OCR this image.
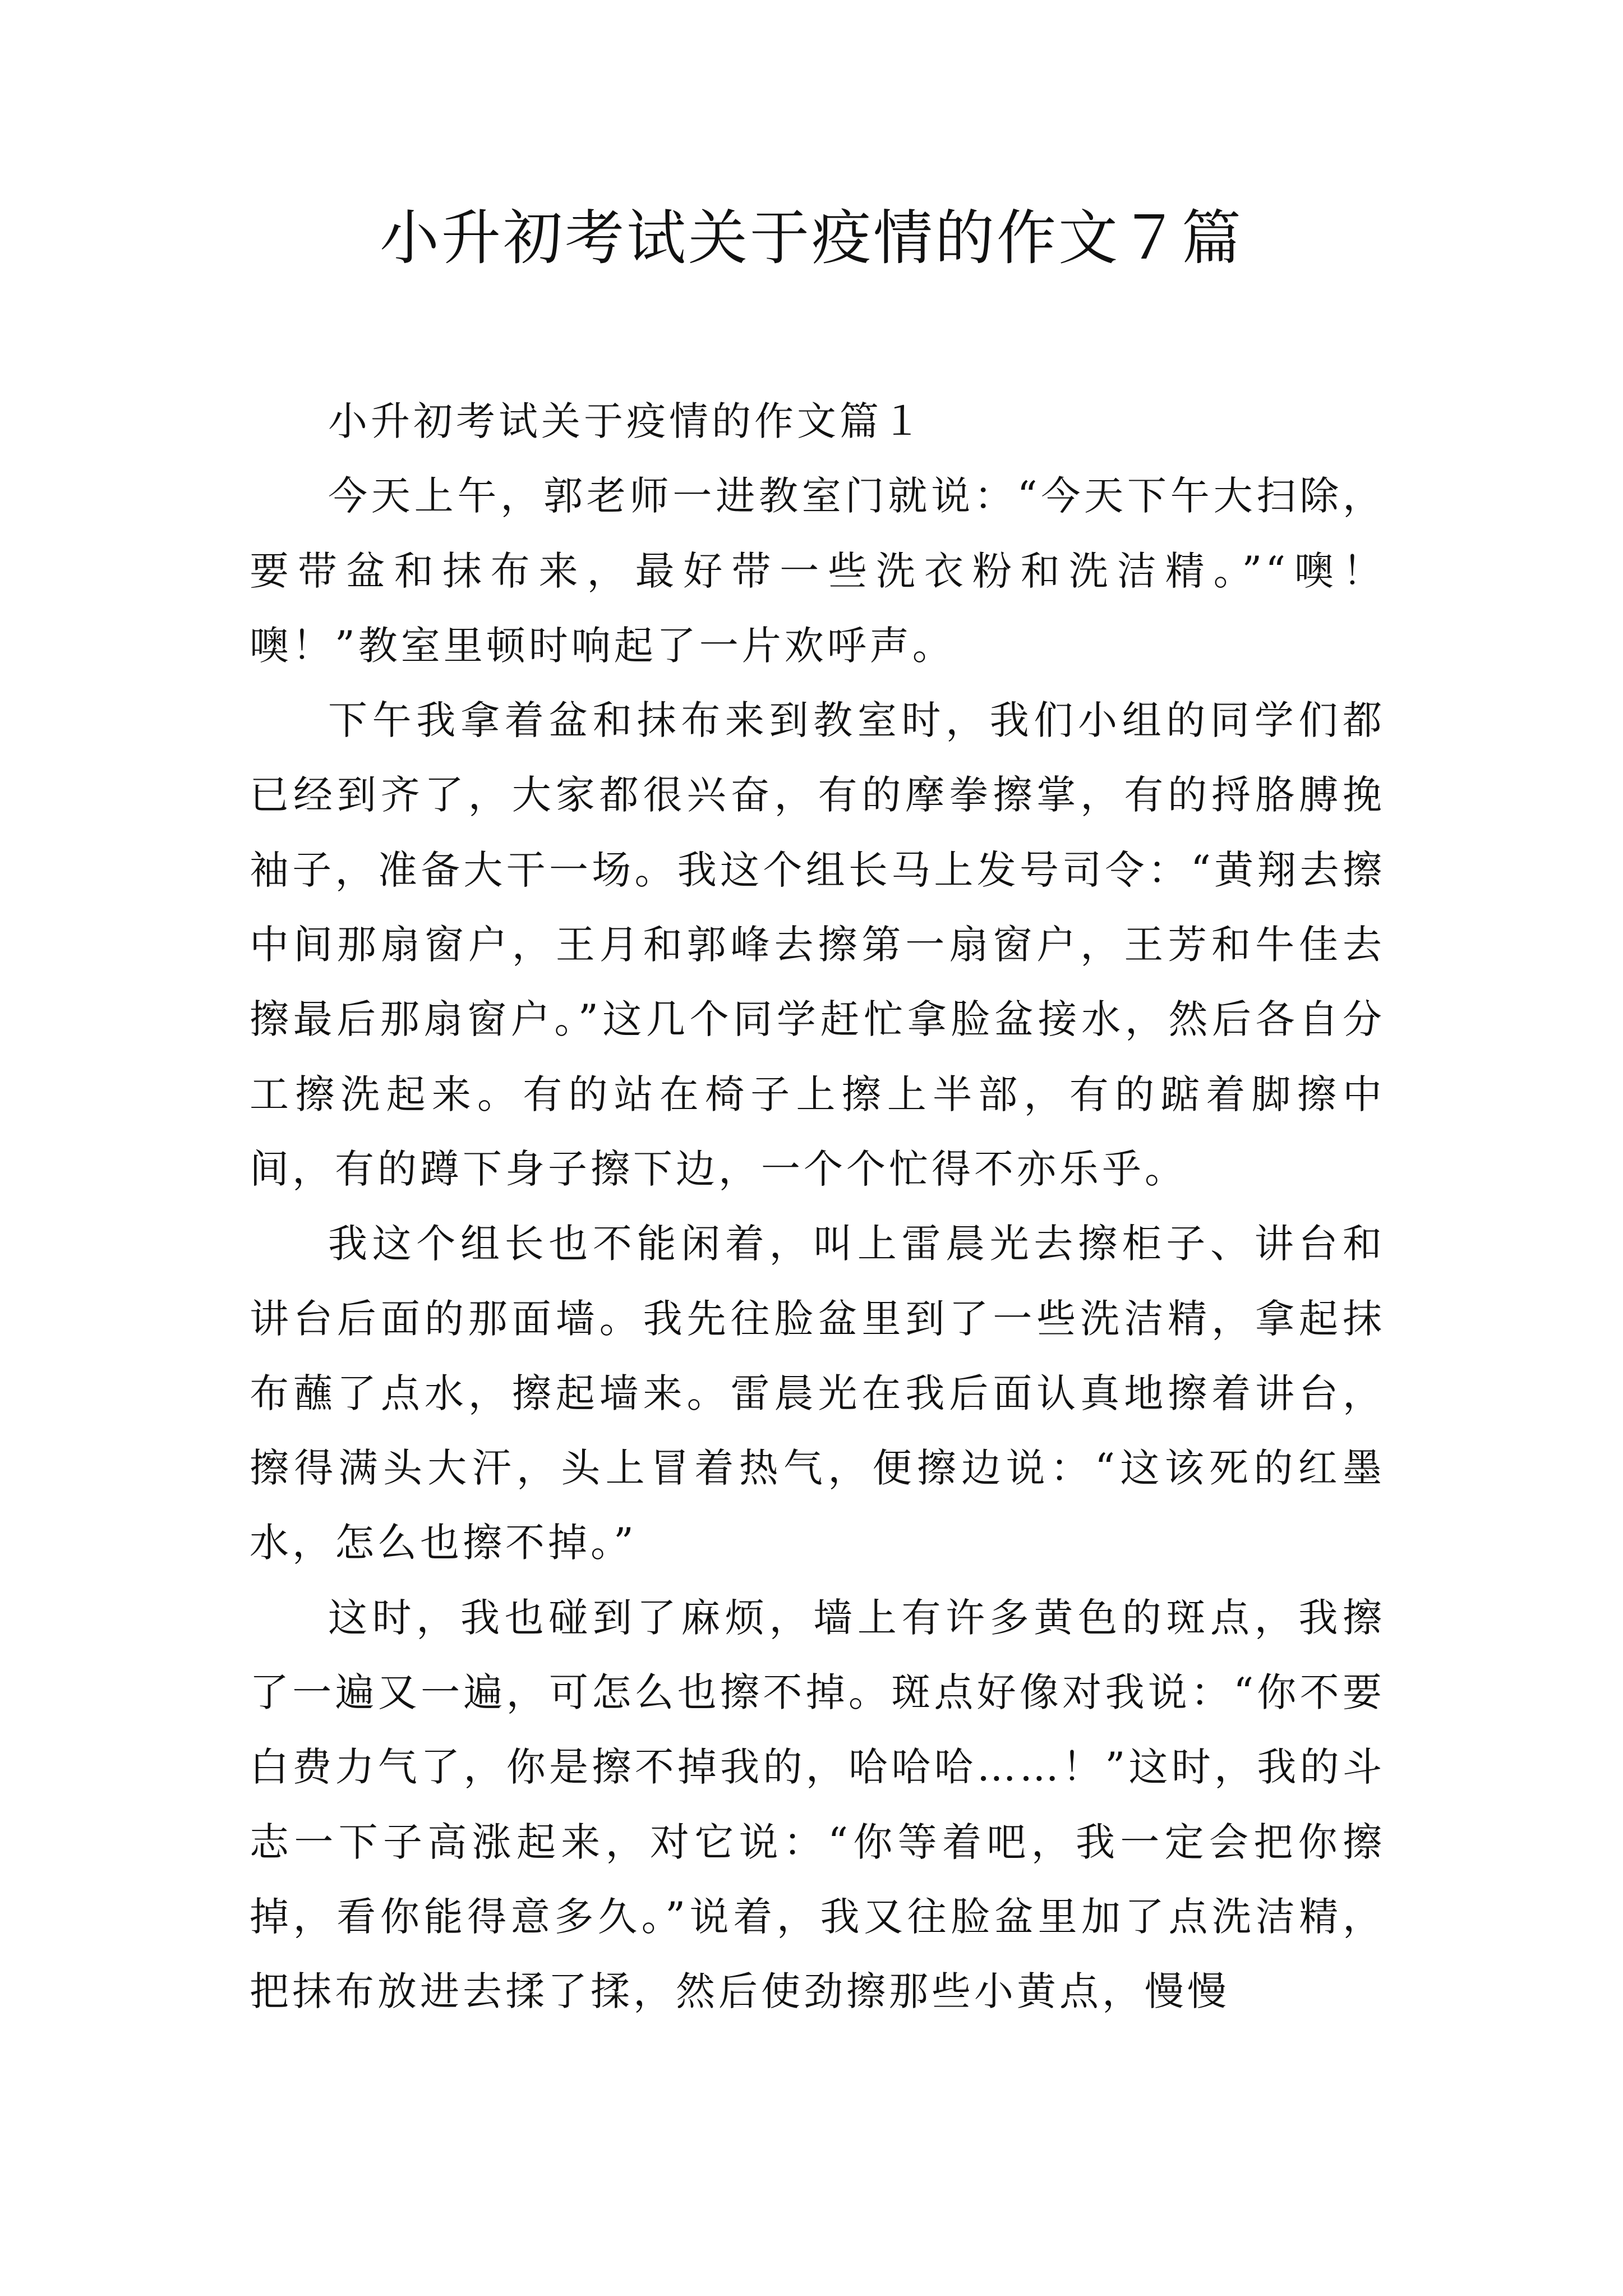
小升初考试关于疫情的作文７篇

小升初考试关于疫情的作文篇１

今天上午，郭老师一进教室门就说：“今天下午大扫除，要带盆和抹布来，最好带一些洗衣粉和洗洁精。”“噢！噢！”教室里顿时响起了一片欢呼声。

下午我拿着盆和抹布来到教室时，我们小组的同学们都已经到齐了，大家都很兴奋，有的摩拳擦掌，有的捋胳膊挽袖子，准备大干一场。我这个组长马上发号司令：“黄翔去擦中间那扇窗户，王月和郭峰去擦第一扇窗户，王芳和牛佳去擦最后那扇窗户。”这几个同学赶忙拿脸盆接水，然后各自分工擦洗起来。有的站在椅子上擦上半部，有的踮着脚擦中间，有的蹲下身子擦下边，一个个忙得不亦乐乎。

我这个组长也不能闲着，叫上雷晨光去擦柜子、讲台和讲台后面的那面墙。我先往脸盆里到了一些洗洁精，拿起抹布蘸了点水，擦起墙来。雷晨光在我后面认真地擦着讲台，擦得满头大汗，头上冒着热气，便擦边说：“这该死的红墨水，怎么也擦不掉。”

这时，我也碰到了麻烦，墙上有许多黄色的斑点，我擦了一遍又一遍，可怎么也擦不掉。斑点好像对我说：“你不要白费力气了，你是擦不掉我的，哈哈哈……！”这时，我的斗志一下子高涨起来，对它说：“你等着吧，我一定会把你擦掉，看你能得意多久。”说着，我又往脸盆里加了点洗洁精，把抹布放进去揉了揉，然后使劲擦那些小黄点，慢慢
